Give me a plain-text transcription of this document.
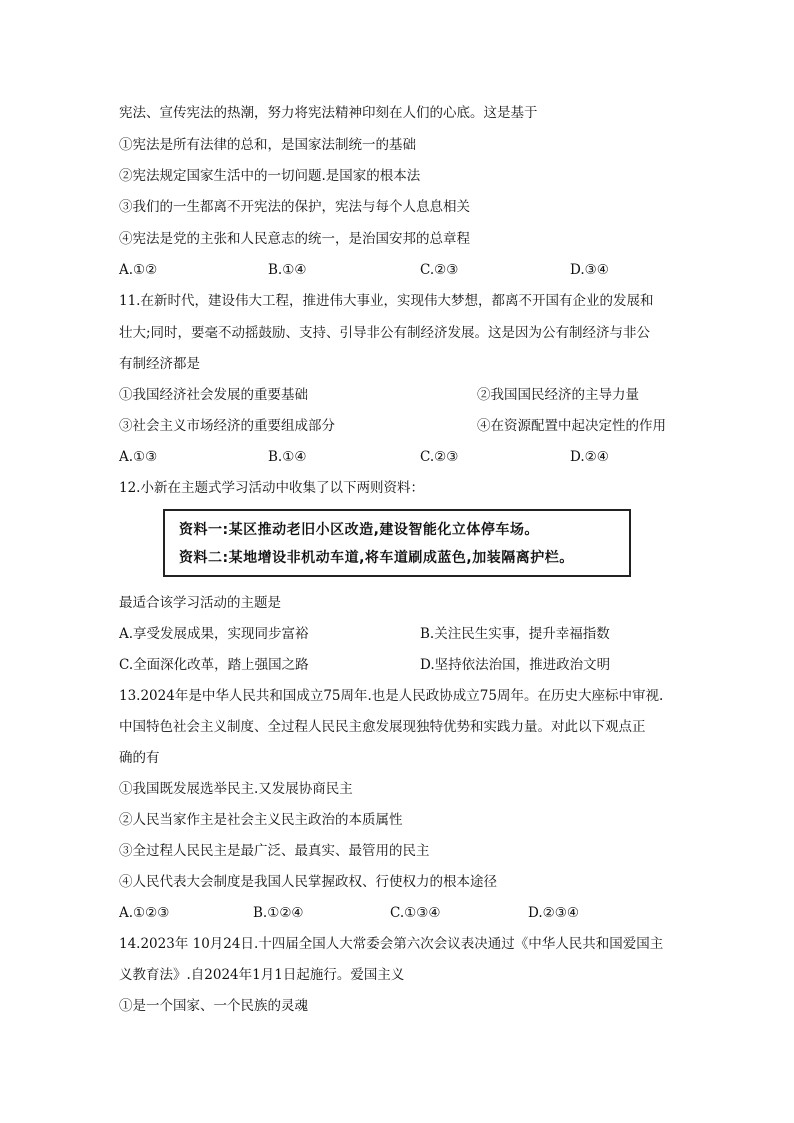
宪法、宣传宪法的热潮，努力将宪法精神印刻在人们的心底。这是基于
①宪法是所有法律的总和，是国家法制统一的基础
②宪法规定国家生活中的一切问题.是国家的根本法
③我们的一生都离不开宪法的保护，宪法与每个人息息相关
④宪法是党的主张和人民意志的统一，是治国安邦的总章程
A.①②	B.①④	C.②③	D.③④
11.在新时代，建设伟大工程，推进伟大事业，实现伟大梦想，都离不开国有企业的发展和
壮大;同时，要毫不动摇鼓励、支持、引导非公有制经济发展。这是因为公有制经济与非公
有制经济都是
①我国经济社会发展的重要基础	②我国国民经济的主导力量
③社会主义市场经济的重要组成部分	④在资源配置中起决定性的作用
A.①③	B.①④	C.②③	D.②④
12.小新在主题式学习活动中收集了以下两则资料：
资料一:某区推动老旧小区改造,建设智能化立体停车场。
资料二:某地增设非机动车道,将车道刷成蓝色,加装隔离护栏。
最适合该学习活动的主题是
A.享受发展成果，实现同步富裕	B.关注民生实事，提升幸福指数
C.全面深化改革，踏上强国之路	D.坚持依法治国，推进政治文明
13.2024年是中华人民共和国成立75周年.也是人民政协成立75周年。在历史大座标中审视.
中国特色社会主义制度、全过程人民民主愈发展现独特优势和实践力量。对此以下观点正
确的有
①我国既发展选举民主.又发展协商民主
②人民当家作主是社会主义民主政治的本质属性
③全过程人民民主是最广泛、最真实、最管用的民主
④人民代表大会制度是我国人民掌握政权、行使权力的根本途径
A.①②③	B.①②④	C.①③④	D.②③④
14.2023年 10月24日.十四届全国人大常委会第六次会议表决通过《中华人民共和国爱国主
义教育法》.自2024年1月1日起施行。爱国主义
①是一个国家、一个民族的灵魂
